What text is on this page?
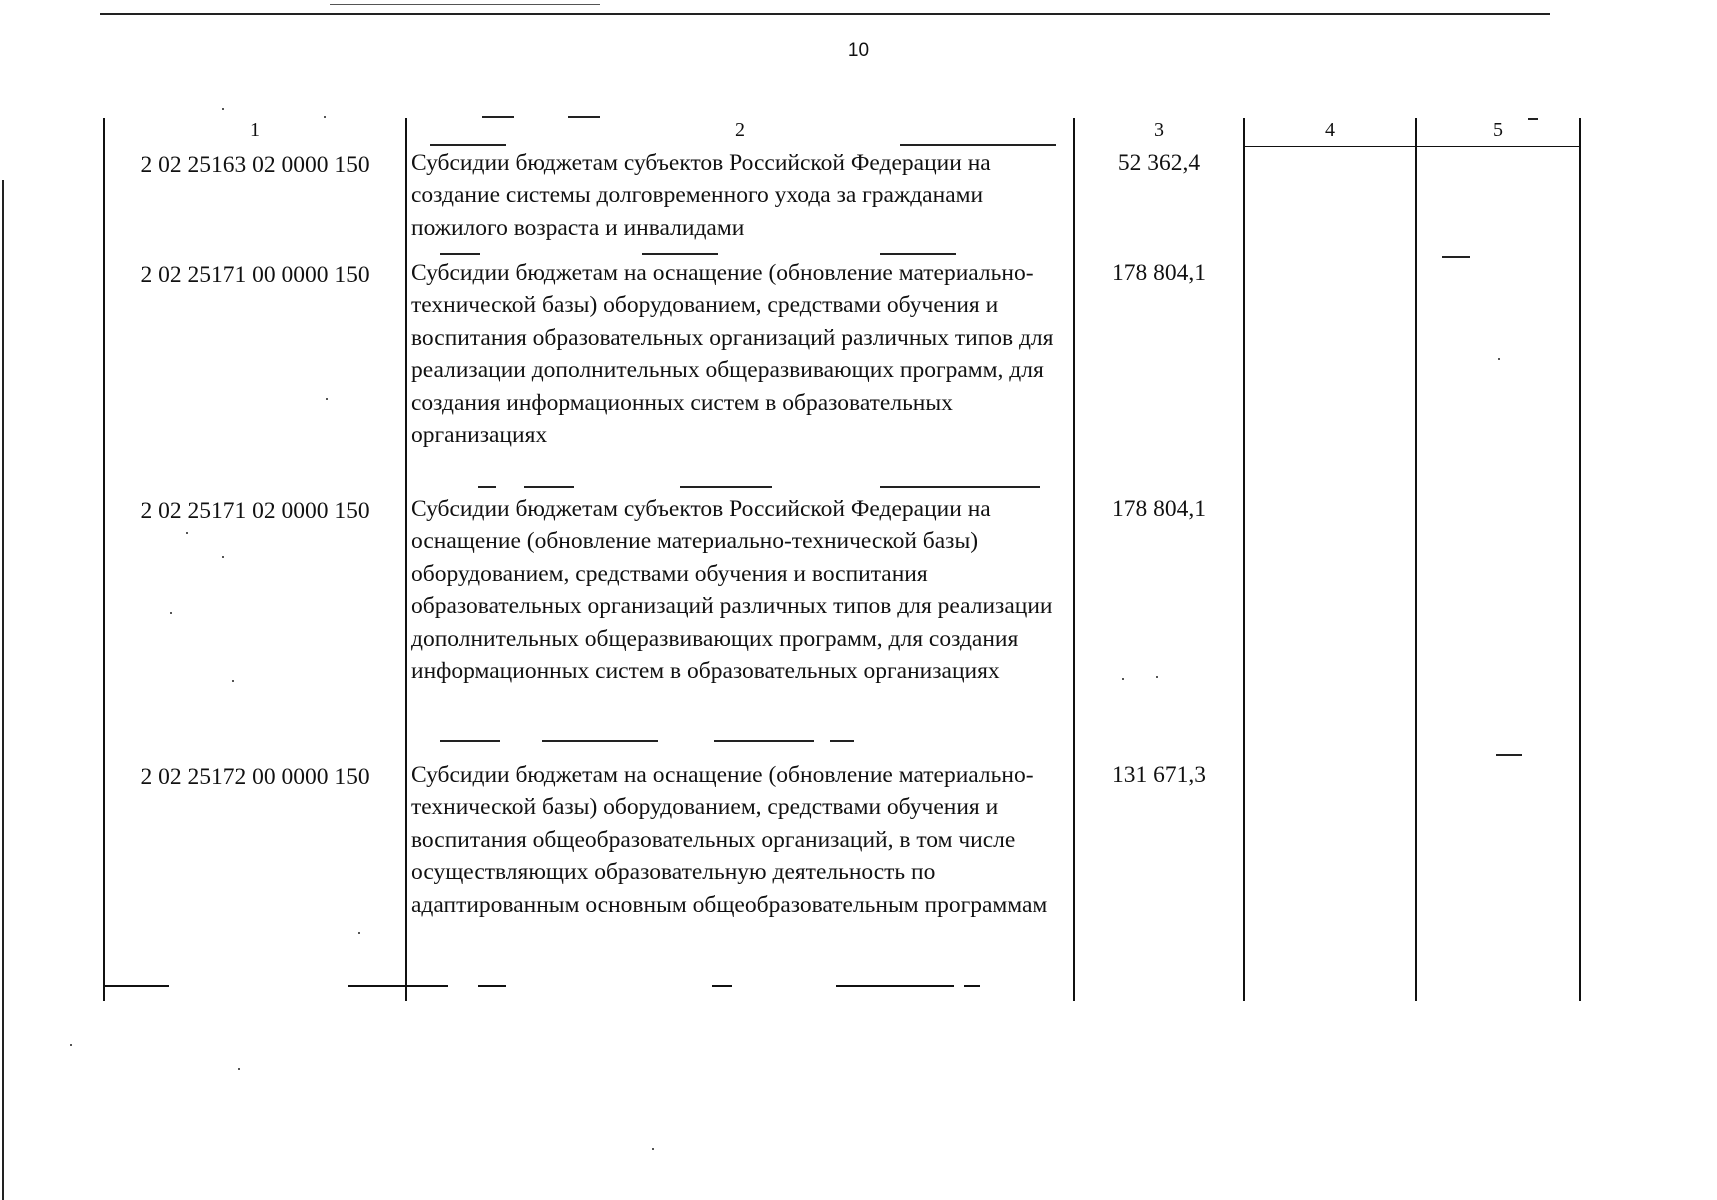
10
1	2	3	4	5
2 02 25163 02 0000 150	Субсидии бюджетам субъектов Российской Федерации на создание системы долговременного ухода за гражданами пожилого возраста и инвалидами	52 362,4		
2 02 25171 00 0000 150	Субсидии бюджетам на оснащение (обновление материально-технической базы) оборудованием, средствами обучения и воспитания образовательных организаций различных типов для реализации дополнительных общеразвивающих программ, для создания информационных систем в образовательных организациях	178 804,1		
2 02 25171 02 0000 150	Субсидии бюджетам субъектов Российской Федерации на оснащение (обновление материально-технической базы) оборудованием, средствами обучения и воспитания образовательных организаций различных типов для реализации дополнительных общеразвивающих программ, для создания информационных систем в образовательных организациях	178 804,1		
2 02 25172 00 0000 150	Субсидии бюджетам на оснащение (обновление материально-технической базы) оборудованием, средствами обучения и воспитания общеобразовательных организаций, в том числе осуществляющих образовательную деятельность по адаптированным основным общеобразовательным программам	131 671,3		
